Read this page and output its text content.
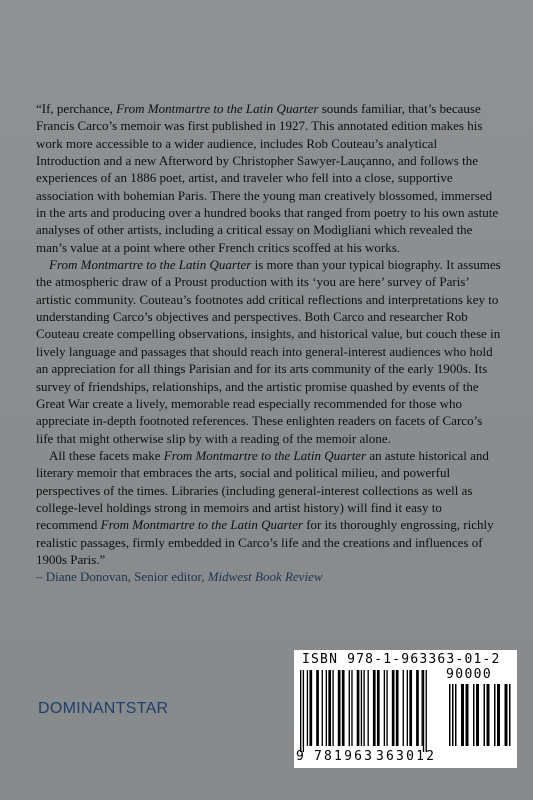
“If, perchance, From Montmartre to the Latin Quarter sounds familiar, that’s because Francis Carco’s memoir was first published in 1927. This annotated edition makes his work more accessible to a wider audience, includes Rob Couteau’s analytical Introduction and a new Afterword by Christopher Sawyer-Lauçanno, and follows the experiences of an 1886 poet, artist, and traveler who fell into a close, supportive association with bohemian Paris. There the young man creatively blossomed, immersed in the arts and producing over a hundred books that ranged from poetry to his own astute analyses of other artists, including a critical essay on Modigliani which revealed the man’s value at a point where other French critics scoffed at his works.

 From Montmartre to the Latin Quarter is more than your typical biography. It assumes the atmospheric draw of a Proust production with its ‘you are here’ survey of Paris’ artistic community. Couteau’s footnotes add critical reflections and interpretations key to understanding Carco’s objectives and perspectives. Both Carco and researcher Rob Couteau create compelling observations, insights, and historical value, but couch these in lively language and passages that should reach into general-interest audiences who hold an appreciation for all things Parisian and for its arts community of the early 1900s. Its survey of friendships, relationships, and the artistic promise quashed by events of the Great War create a lively, memorable read especially recommended for those who appreciate in-depth footnoted references. These enlighten readers on facets of Carco’s life that might otherwise slip by with a reading of the memoir alone.

 All these facets make From Montmartre to the Latin Quarter an astute historical and literary memoir that embraces the arts, social and political milieu, and powerful perspectives of the times. Libraries (including general-interest collections as well as college-level holdings strong in memoirs and artist history) will find it easy to recommend From Montmartre to the Latin Quarter for its thoroughly engrossing, richly realistic passages, firmly embedded in Carco’s life and the creations and influences of 1900s Paris.”

– Diane Donovan, Senior editor, Midwest Book Review

DOMINANTSTAR
ISBN 978-1-963363-01-2
90000
9 781963 363012
